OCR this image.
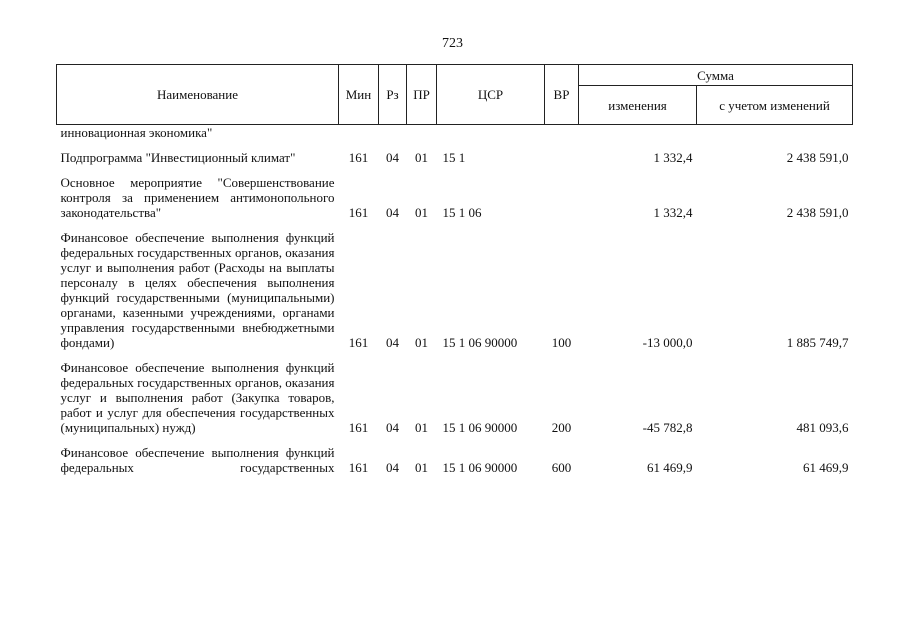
723
Наименование	Мин	Рз	ПР	ЦСР	ВР	Сумма	
						изменения	с учетом изменений
инновационная экономика"							
Подпрограмма "Инвестиционный климат"	161	04	01	15 1		1 332,4	2 438 591,0
Основное мероприятие "Совершенствование контроля за применением антимонопольного законодательства"	161	04	01	15 1 06		1 332,4	2 438 591,0
Финансовое обеспечение выполнения функций федеральных государственных органов, оказания услуг и выполнения работ (Расходы на выплаты персоналу в целях обеспечения выполнения функций государственными (муниципальными) органами, казенными учреждениями, органами управления государственными внебюджетными фондами)	161	04	01	15 1 06 90000	100	-13 000,0	1 885 749,7
Финансовое обеспечение выполнения функций федеральных государственных органов, оказания услуг и выполнения работ (Закупка товаров, работ и услуг для обеспечения государственных (муниципальных) нужд)	161	04	01	15 1 06 90000	200	-45 782,8	481 093,6
Финансовое обеспечение выполнения функций федеральных государственных	161	04	01	15 1 06 90000	600	61 469,9	61 469,9
